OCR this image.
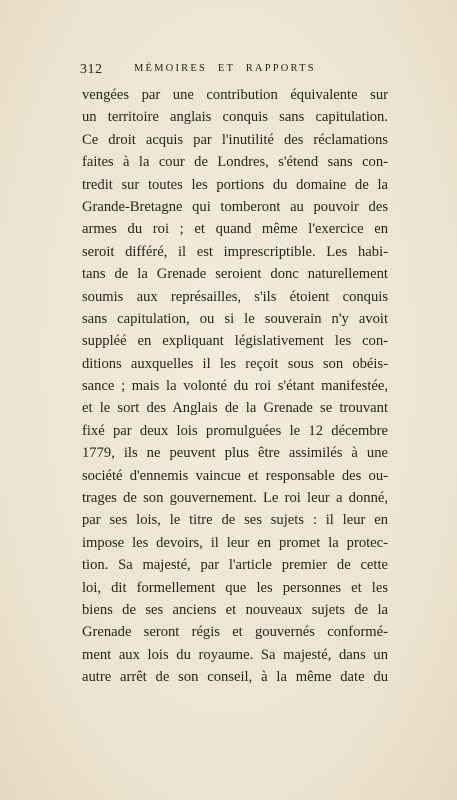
312	MÉMOIRES ET RAPPORTS
vengées par une contribution équivalente sur
un territoire anglais conquis sans capitulation.
Ce droit acquis par l'inutilité des réclamations
faites à la cour de Londres, s'étend sans con-
tredit sur toutes les portions du domaine de la
Grande-Bretagne qui tomberont au pouvoir des
armes du roi ; et quand même l'exercice en
seroit différé, il est imprescriptible. Les habi-
tans de la Grenade seroient donc naturellement
soumis aux représailles, s'ils étoient conquis
sans capitulation, ou si le souverain n'y avoit
suppléé en expliquant législativement les con-
ditions auxquelles il les reçoit sous son obéis-
sance ; mais la volonté du roi s'étant manifestée,
et le sort des Anglais de la Grenade se trouvant
fixé par deux lois promulguées le 12 décembre
1779, ils ne peuvent plus être assimilés à une
société d'ennemis vaincue et responsable des ou-
trages de son gouvernement. Le roi leur a donné,
par ses lois, le titre de ses sujets : il leur en
impose les devoirs, il leur en promet la protec-
tion. Sa majesté, par l'article premier de cette
loi, dit formellement que les personnes et les
biens de ses anciens et nouveaux sujets de la
Grenade seront régis et gouvernés conformé-
ment aux lois du royaume. Sa majesté, dans un
autre arrêt de son conseil, à la même date du
